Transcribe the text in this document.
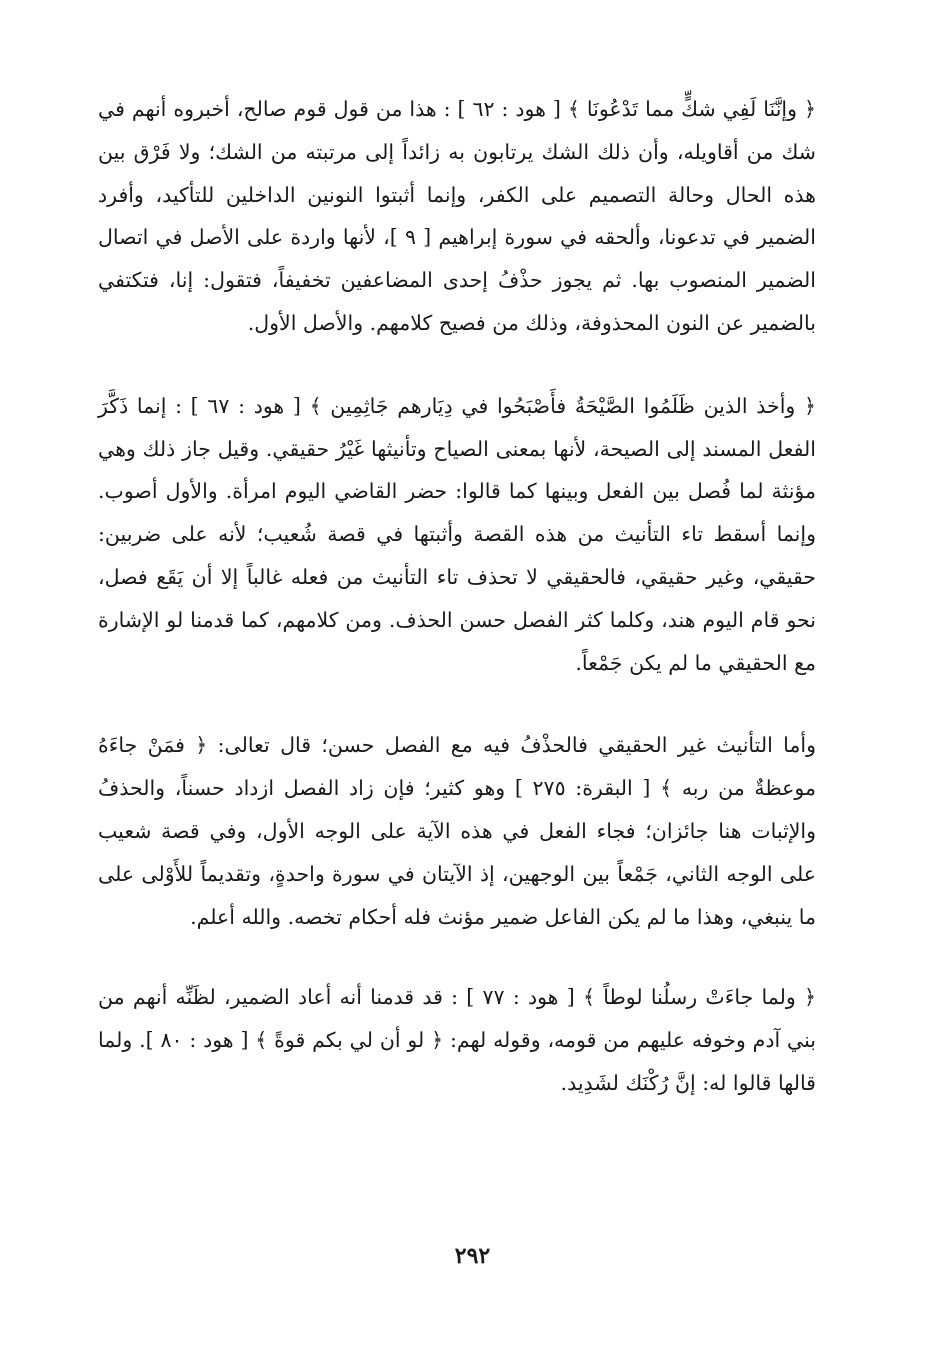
﴿ وإنَّنَا لَفِي شكٍّ مما تَدْعُونَا ﴾ [ هود : ٦٢ ] : هذا من قول قوم صالح، أخبروه أنهم في شك من أقاويله، وأن ذلك الشك يرتابون به زائداً إلى مرتبته من الشك؛ ولا فَرْق بين هذه الحال وحالة التصميم على الكفر، وإنما أثبتوا النونين الداخلين للتأكيد، وأفرد الضمير في تدعونا، وألحقه في سورة إبراهيم [ ٩ ]، لأنها واردة على الأصل في اتصال الضمير المنصوب بها. ثم يجوز حذْفُ إحدى المضاعفين تخفيفاً، فتقول: إنا، فتكتفي بالضمير عن النون المحذوفة، وذلك من فصيح كلامهم. والأصل الأول.

﴿ وأخذ الذين ظَلَمُوا الصَّيْحَةُ فأَصْبَحُوا في دِيَارهم جَاثِمِين ﴾ [ هود : ٦٧ ] : إنما ذَكَّرَ الفعل المسند إلى الصيحة، لأنها بمعنى الصياح وتأنيثها غَيْرُ حقيقي. وقيل جاز ذلك وهي مؤنثة لما فُصل بين الفعل وبينها كما قالوا: حضر القاضي اليوم امرأة. والأول أصوب. وإنما أسقط تاء التأنيث من هذه القصة وأثبتها في قصة شُعيب؛ لأنه على ضربين: حقيقي، وغير حقيقي، فالحقيقي لا تحذف تاء التأنيث من فعله غالباً إلا أن يَقَع فصل، نحو قام اليوم هند، وكلما كثر الفصل حسن الحذف. ومن كلامهم، كما قدمنا لو الإشارة مع الحقيقي ما لم يكن جَمْعاً.

وأما التأنيث غير الحقيقي فالحذْفُ فيه مع الفصل حسن؛ قال تعالى: ﴿ فمَنْ جاءَهُ موعظةٌ من ربه ﴾ [ البقرة: ٢٧٥ ] وهو كثير؛ فإن زاد الفصل ازداد حسناً، والحذفُ والإثبات هنا جائزان؛ فجاء الفعل في هذه الآية على الوجه الأول، وفي قصة شعيب على الوجه الثاني، جَمْعاً بين الوجهين، إذ الآيتان في سورة واحدةٍ، وتقديماً للأَوْلى على ما ينبغي، وهذا ما لم يكن الفاعل ضمير مؤنث فله أحكام تخصه. والله أعلم.

﴿ ولما جاءَتْ رسلُنا لوطاً ﴾ [ هود : ٧٧ ] : قد قدمنا أنه أعاد الضمير، لظَنِّه أنهم من بني آدم وخوفه عليهم من قومه، وقوله لهم: ﴿ لو أن لي بكم قوةً ﴾ [ هود : ٨٠ ]. ولما قالها قالوا له: إنَّ رُكْنَك لشَدِيد.

٢٩٢
